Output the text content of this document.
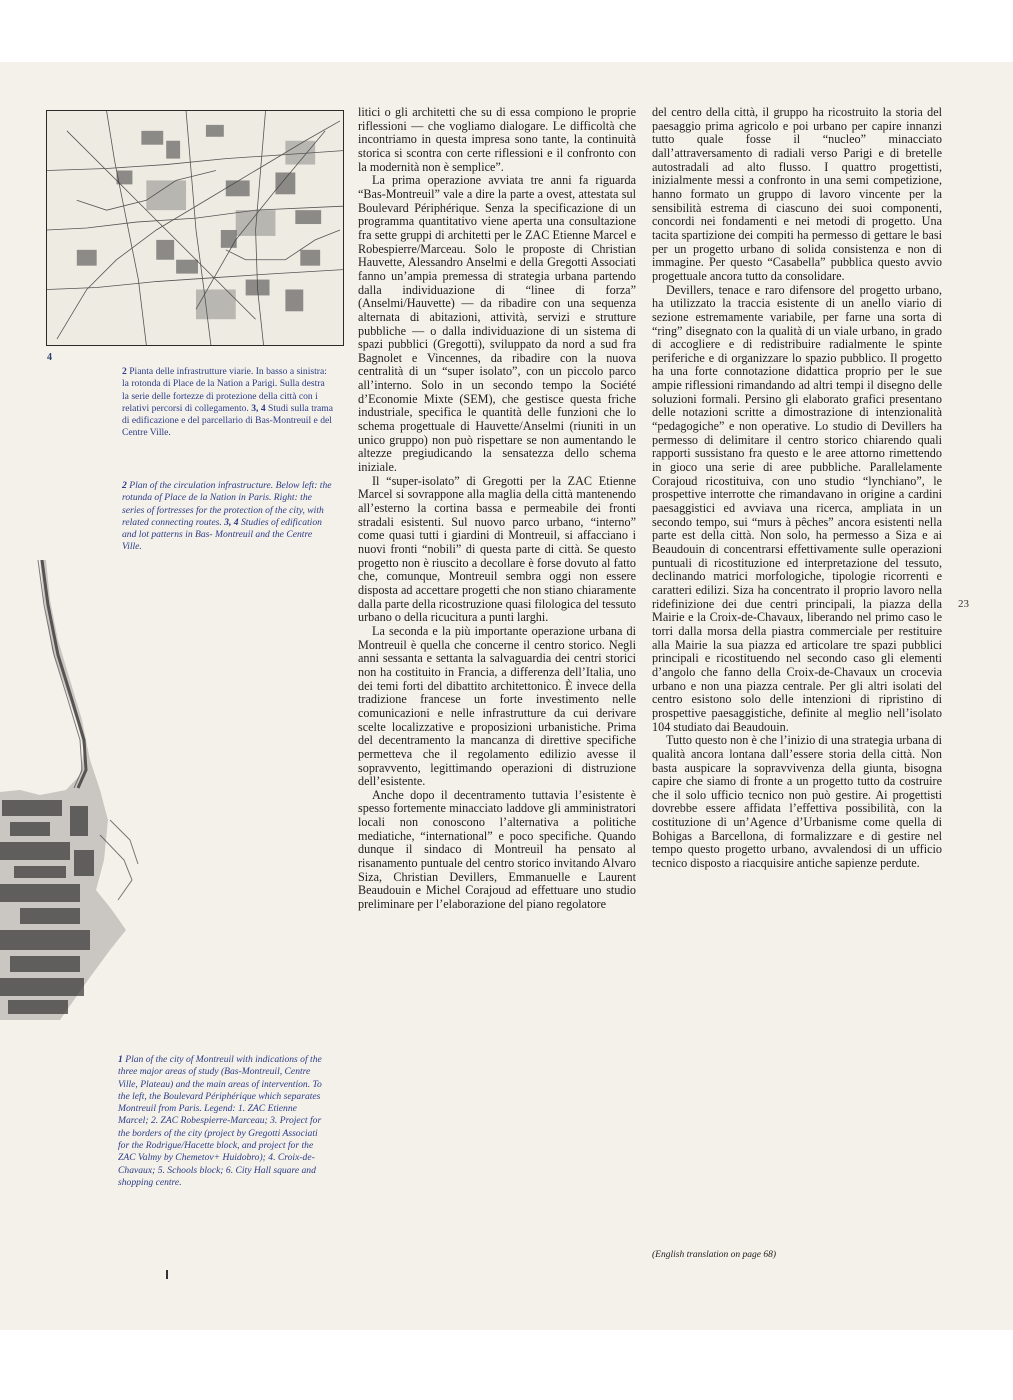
4
2 Pianta delle infrastrutture viarie. In basso a sinistra: la rotonda di Place de la Nation a Parigi. Sulla destra la serie delle fortezze di protezione della città con i relativi percorsi di collegamento. 3, 4 Studi sulla trama di edificazione e del parcellario di Bas-Montreuil e del Centre Ville.
2 Plan of the circulation infrastructure. Below left: the rotunda of Place de la Nation in Paris. Right: the series of fortresses for the protection of the city, with related connecting routes. 3, 4 Studies of edification and lot patterns in Bas- Montreuil and the Centre Ville.
1 Plan of the city of Montreuil with indications of the three major areas of study (Bas-Montreuil, Centre Ville, Plateau) and the main areas of intervention. To the left, the Boulevard Périphérique which separates Montreuil from Paris. Legend: 1. ZAC Etienne Marcel; 2. ZAC Robespierre-Marceau; 3. Project for the borders of the city (project by Gregotti Associati for the Rodrigue/Hacette block, and project for the ZAC Valmy by Chemetov+ Huidobro); 4. Croix-de-Chavaux; 5. Schools block; 6. City Hall square and shopping centre.

litici o gli architetti che su di essa compiono le proprie riflessioni — che vogliamo dialogare. Le difficoltà che incontriamo in questa impresa sono tante, la continuità storica si scontra con certe riflessioni e il confronto con la modernità non è semplice”.

La prima operazione avviata tre anni fa riguarda “Bas-Montreuil” vale a dire la parte a ovest, attestata sul Boulevard Périphérique. Senza la specificazione di un programma quantitativo viene aperta una consultazione fra sette gruppi di architetti per le ZAC Etienne Marcel e Robespierre/Marceau. Solo le proposte di Christian Hauvette, Alessandro Anselmi e della Gregotti Associati fanno un’ampia premessa di strategia urbana partendo dalla individuazione di “linee di forza” (Anselmi/Hauvette) — da ribadire con una sequenza alternata di abitazioni, attività, servizi e strutture pubbliche — o dalla individuazione di un sistema di spazi pubblici (Gregotti), sviluppato da nord a sud fra Bagnolet e Vincennes, da ribadire con la nuova centralità di un “super isolato”, con un piccolo parco all’interno. Solo in un secondo tempo la Société d’Economie Mixte (SEM), che gestisce questa friche industriale, specifica le quantità delle funzioni che lo schema progettuale di Hauvette/Anselmi (riuniti in un unico gruppo) non può rispettare se non aumentando le altezze pregiudicando la sensatezza dello schema iniziale.

Il “super-isolato” di Gregotti per la ZAC Etienne Marcel si sovrappone alla maglia della città mantenendo all’esterno la cortina bassa e permeabile dei fronti stradali esistenti. Sul nuovo parco urbano, “interno” come quasi tutti i giardini di Montreuil, si affacciano i nuovi fronti “nobili” di questa parte di città. Se questo progetto non è riuscito a decollare è forse dovuto al fatto che, comunque, Montreuil sembra oggi non essere disposta ad accettare progetti che non stiano chiaramente dalla parte della ricostruzione quasi filologica del tessuto urbano o della ricucitura a punti larghi.

La seconda e la più importante operazione urbana di Montreuil è quella che concerne il centro storico. Negli anni sessanta e settanta la salvaguardia dei centri storici non ha costituito in Francia, a differenza dell’Italia, uno dei temi forti del dibattito architettonico. È invece della tradizione francese un forte investimento nelle comunicazioni e nelle infrastrutture da cui derivare scelte localizzative e proposizioni urbanistiche. Prima del decentramento la mancanza di direttive specifiche permetteva che il regolamento edilizio avesse il sopravvento, legittimando operazioni di distruzione dell’esistente.

Anche dopo il decentramento tuttavia l’esistente è spesso fortemente minacciato laddove gli amministratori locali non conoscono l’alternativa a politiche mediatiche, “international” e poco specifiche. Quando dunque il sindaco di Montreuil ha pensato al risanamento puntuale del centro storico invitando Alvaro Siza, Christian Devillers, Emmanuelle e Laurent Beaudouin e Michel Corajoud ad effettuare uno studio preliminare per l’elaborazione del piano regolatore

del centro della città, il gruppo ha ricostruito la storia del paesaggio prima agricolo e poi urbano per capire innanzi tutto quale fosse il “nucleo” minacciato dall’attraversamento di radiali verso Parigi e di bretelle autostradali ad alto flusso. I quattro progettisti, inizialmente messi a confronto in una semi competizione, hanno formato un gruppo di lavoro vincente per la sensibilità estrema di ciascuno dei suoi componenti, concordi nei fondamenti e nei metodi di progetto. Una tacita spartizione dei compiti ha permesso di gettare le basi per un progetto urbano di solida consistenza e non di immagine. Per questo “Casabella” pubblica questo avvio progettuale ancora tutto da consolidare.

Devillers, tenace e raro difensore del progetto urbano, ha utilizzato la traccia esistente di un anello viario di sezione estremamente variabile, per farne una sorta di “ring” disegnato con la qualità di un viale urbano, in grado di accogliere e di redistribuire radialmente le spinte periferiche e di organizzare lo spazio pubblico. Il progetto ha una forte connotazione didattica proprio per le sue ampie riflessioni rimandando ad altri tempi il disegno delle soluzioni formali. Persino gli elaborato grafici presentano delle notazioni scritte a dimostrazione di intenzionalità “pedagogiche” e non operative. Lo studio di Devillers ha permesso di delimitare il centro storico chiarendo quali rapporti sussistano fra questo e le aree attorno rimettendo in gioco una serie di aree pubbliche. Parallelamente Corajoud ricostituiva, con uno studio “lynchiano”, le prospettive interrotte che rimandavano in origine a cardini paesaggistici ed avviava una ricerca, ampliata in un secondo tempo, sui “murs à pêches” ancora esistenti nella parte est della città. Non solo, ha permesso a Siza e ai Beaudouin di concentrarsi effettivamente sulle operazioni puntuali di ricostituzione ed interpretazione del tessuto, declinando matrici morfologiche, tipologie ricorrenti e caratteri edilizi. Siza ha concentrato il proprio lavoro nella ridefinizione dei due centri principali, la piazza della Mairie e la Croix-de-Chavaux, liberando nel primo caso le torri dalla morsa della piastra commerciale per restituire alla Mairie la sua piazza ed articolare tre spazi pubblici principali e ricostituendo nel secondo caso gli elementi d’angolo che fanno della Croix-de-Chavaux un crocevia urbano e non una piazza centrale. Per gli altri isolati del centro esistono solo delle intenzioni di ripristino di prospettive paesaggistiche, definite al meglio nell’isolato 104 studiato dai Beaudouin.

Tutto questo non è che l’inizio di una strategia urbana di qualità ancora lontana dall’essere storia della città. Non basta auspicare la sopravvivenza della giunta, bisogna capire che siamo di fronte a un progetto tutto da costruire che il solo ufficio tecnico non può gestire. Ai progettisti dovrebbe essere affidata l’effettiva possibilità, con la costituzione di un’Agence d’Urbanisme come quella di Bohigas a Barcellona, di formalizzare e di gestire nel tempo questo progetto urbano, avvalendosi di un ufficio tecnico disposto a riacquisire antiche sapienze perdute.

(English translation on page 68)
23
